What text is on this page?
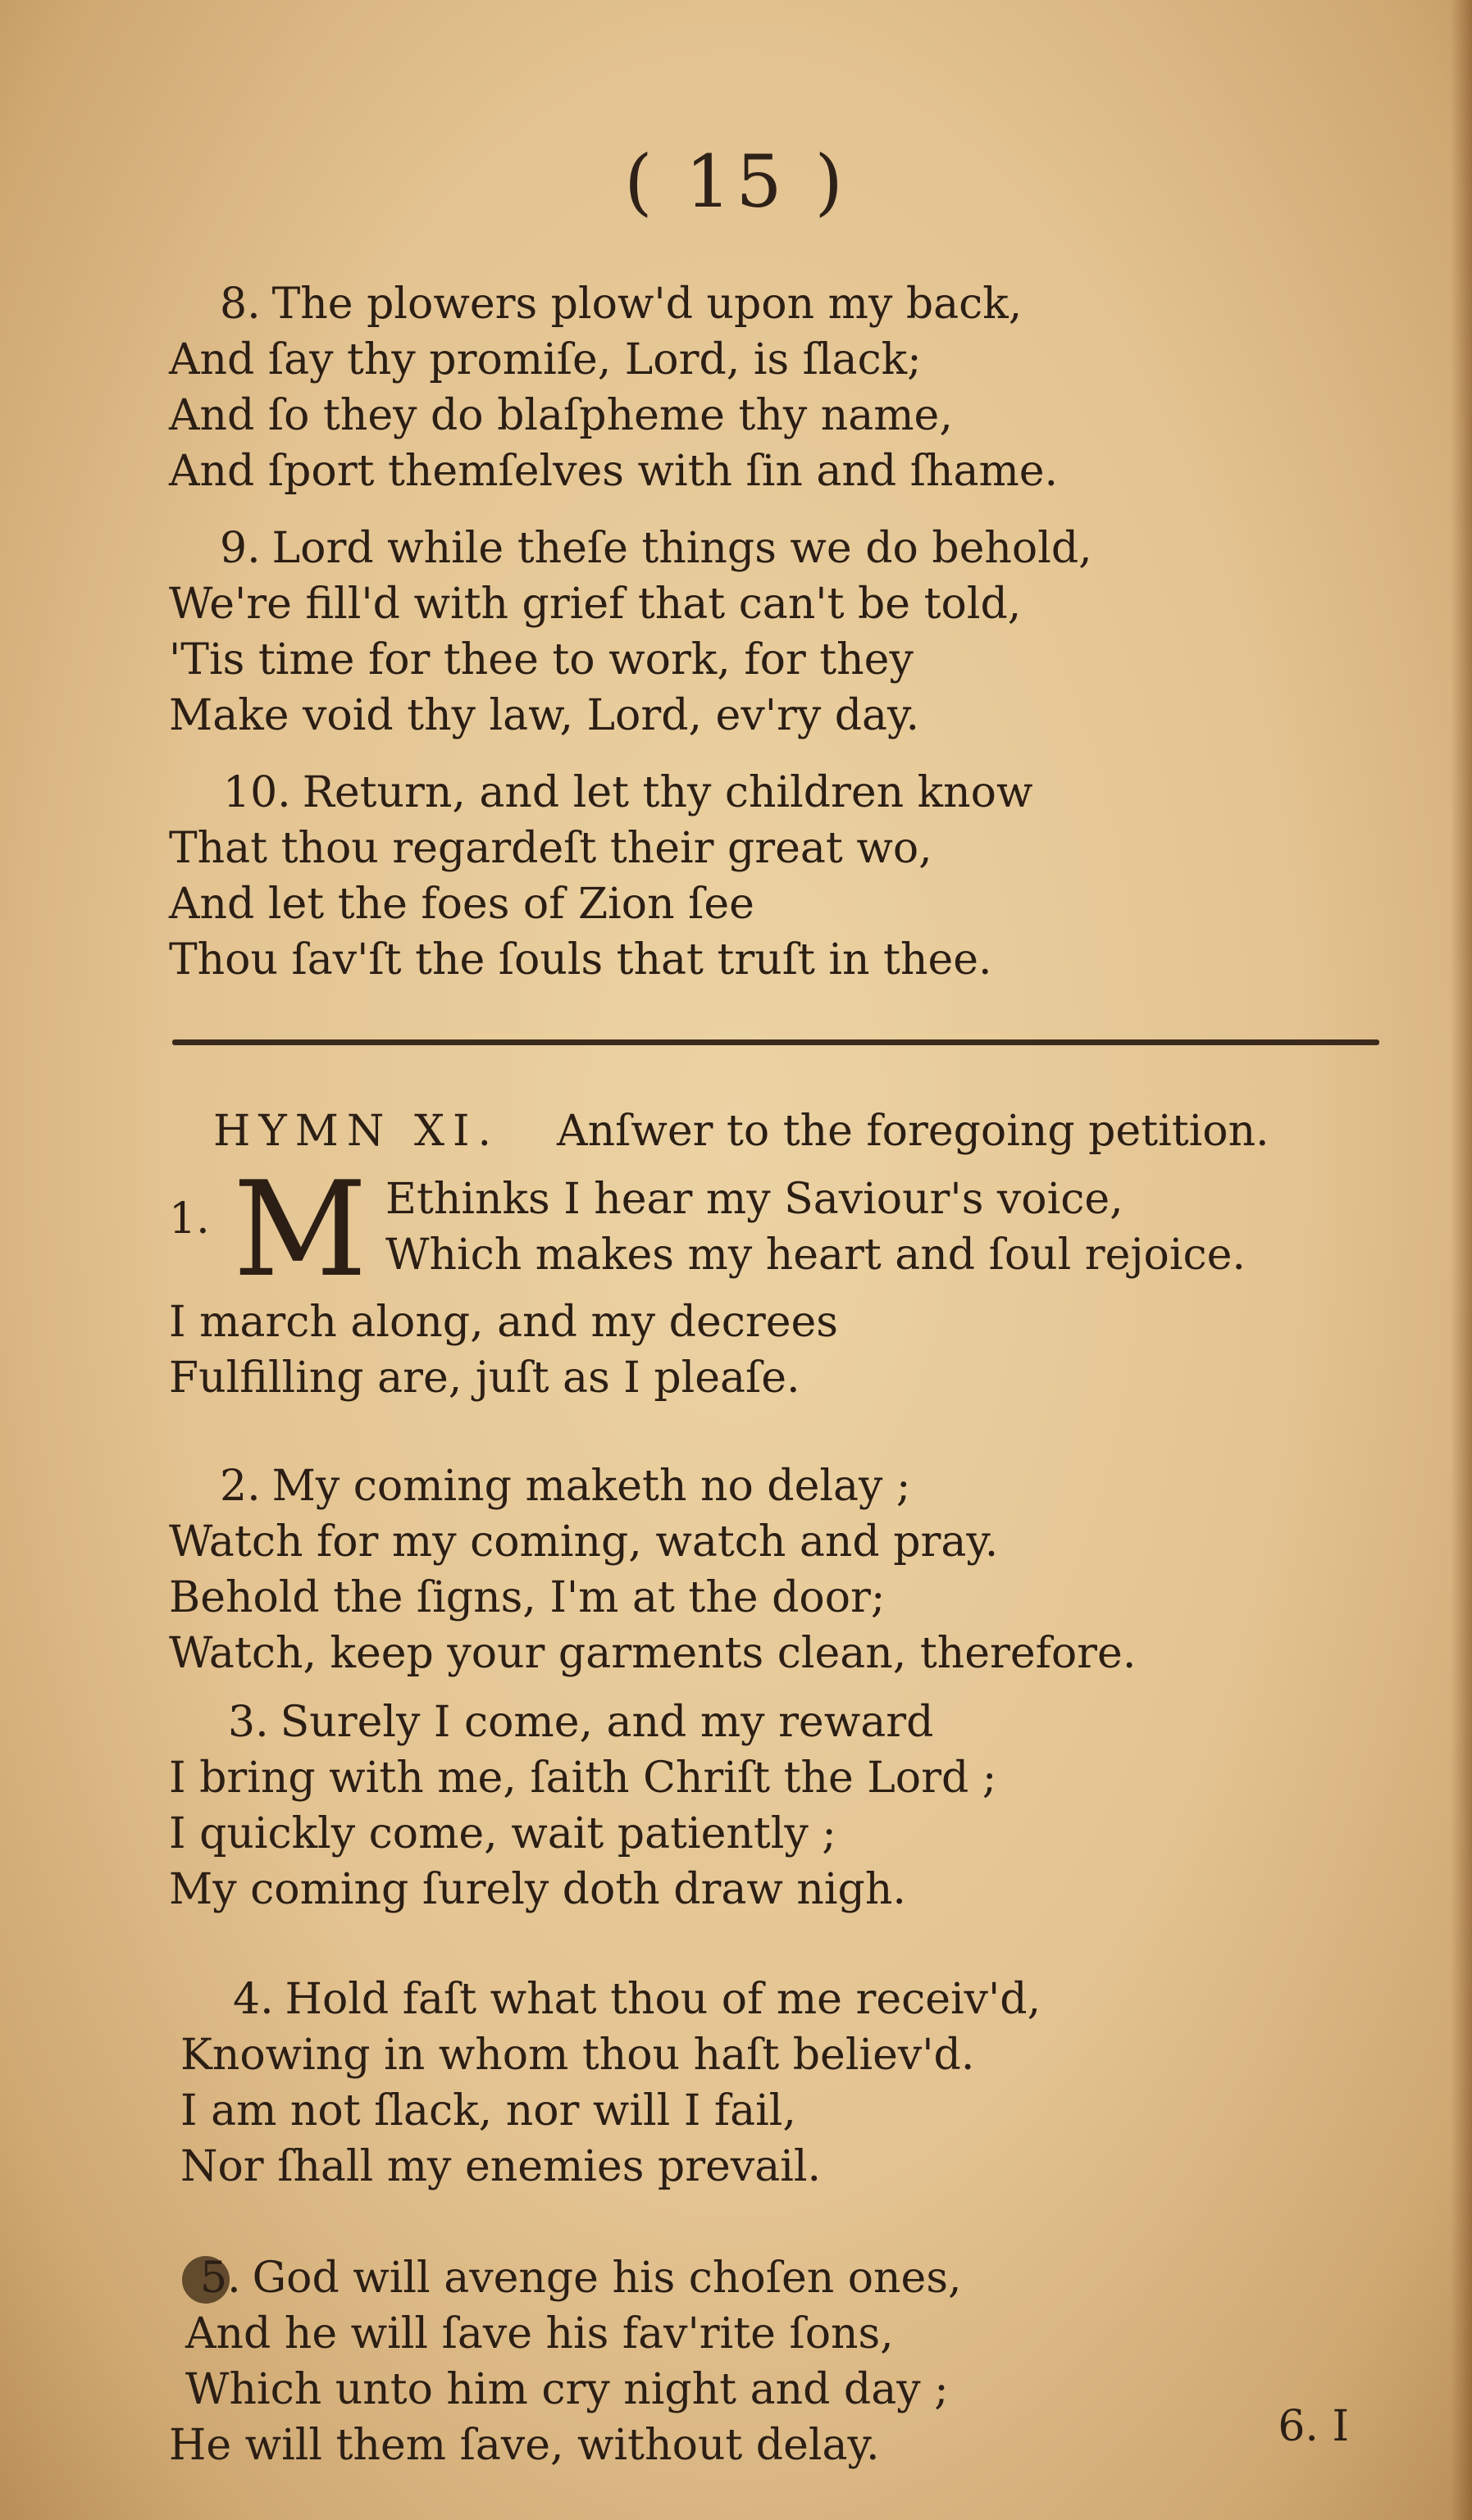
( 15 )
8. The plowers plow'd upon my back,
And ſay thy promiſe, Lord, is ſlack;
And ſo they do blaſpheme thy name,
And ſport themſelves with ſin and ſhame.
9. Lord while theſe things we do behold,
We're fill'd with grief that can't be told,
'Tis time for thee to work, for they
Make void thy law, Lord, ev'ry day.
10. Return, and let thy children know
That thou regardeſt their great wo,
And let the foes of Zion ſee
Thou ſav'ſt the ſouls that truſt in thee.
HYMN XI. Anſwer to the foregoing petition.
1. M Ethinks I hear my Saviour's voice,
Which makes my heart and ſoul rejoice.
I march along, and my decrees
Fulfilling are, juſt as I pleaſe.
2. My coming maketh no delay ;
Watch for my coming, watch and pray.
Behold the ſigns, I'm at the door;
Watch, keep your garments clean, therefore.
3. Surely I come, and my reward
I bring with me, ſaith Chriſt the Lord ;
I quickly come, wait patiently ;
My coming ſurely doth draw nigh.
4. Hold faſt what thou of me receiv'd,
Knowing in whom thou haſt believ'd.
I am not ſlack, nor will I fail,
Nor ſhall my enemies prevail.
5. God will avenge his choſen ones,
And he will ſave his fav'rite ſons,
Which unto him cry night and day ;
He will them ſave, without delay.	6. I
